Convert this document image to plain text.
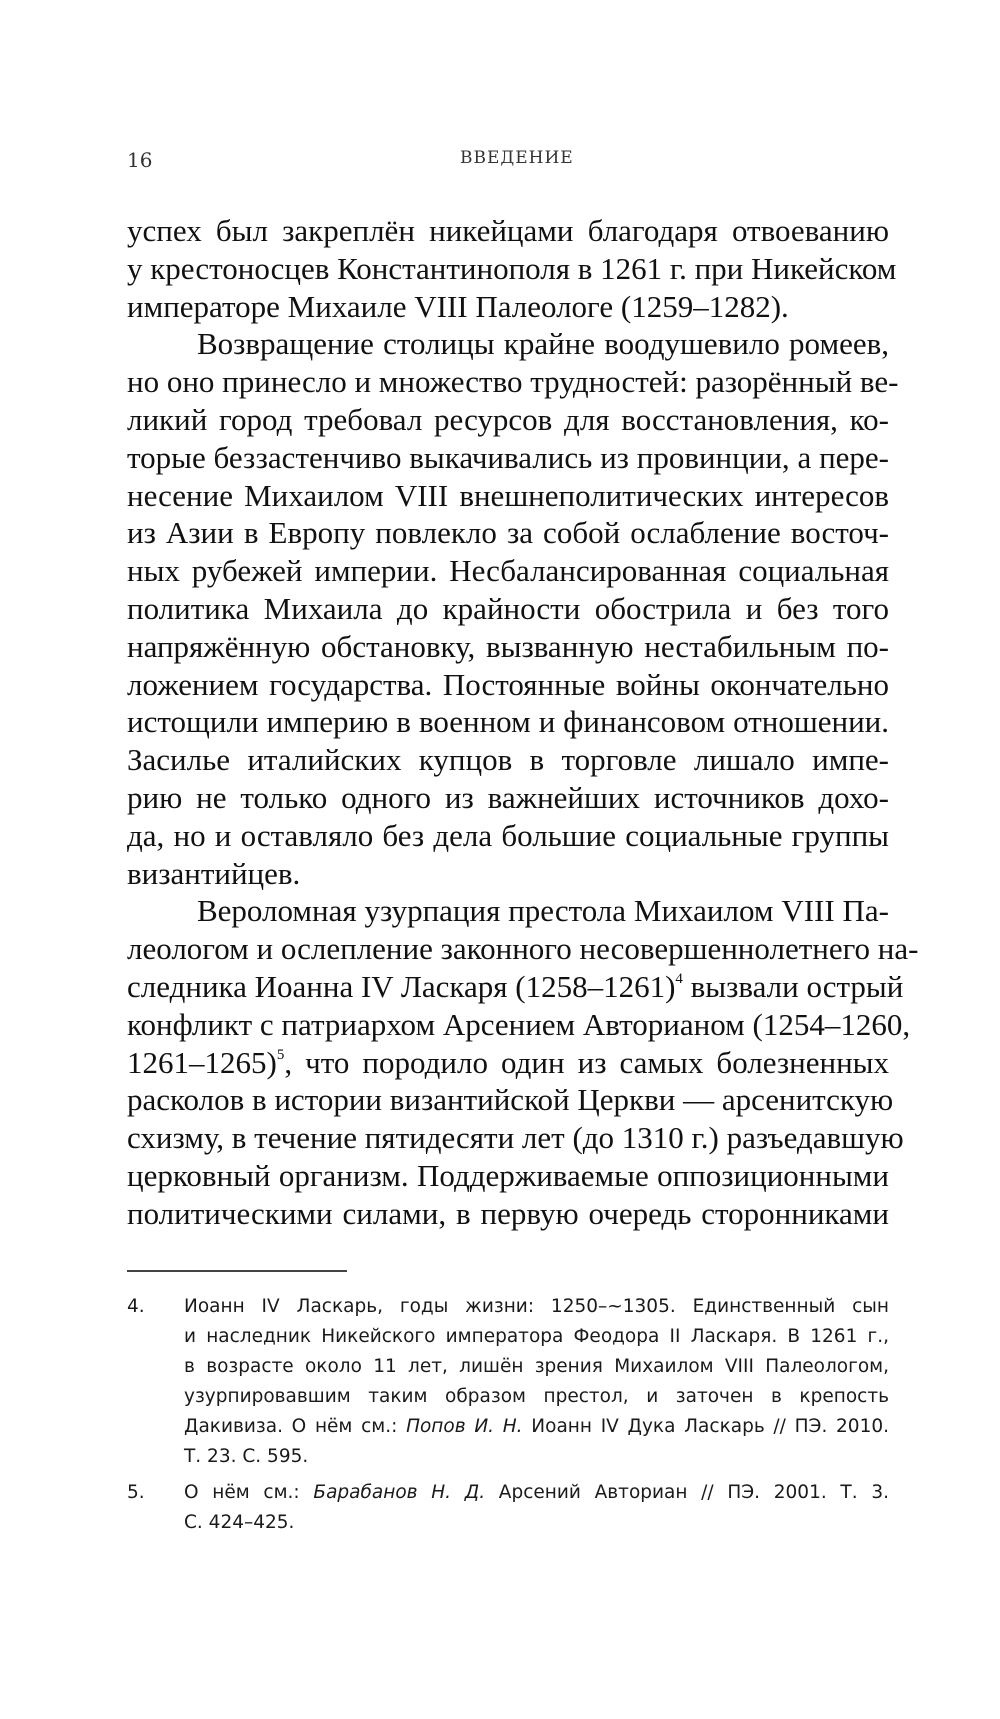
16	ВВЕДЕНИЕ
успех был закреплён никейцами благодаря отвоеванию
у крестоносцев Константинополя в 1261 г. при Никейском
императоре Михаиле VIII Палеологе (1259–1282).
Возвращение столицы крайне воодушевило ромеев,
но оно принесло и множество трудностей: разорённый ве-
ликий город требовал ресурсов для восстановления, ко-
торые беззастенчиво выкачивались из провинции, а пере-
несение Михаилом VIII внешнеполитических интересов
из Азии в Европу повлекло за собой ослабление восточ-
ных рубежей империи. Несбалансированная социальная
политика Михаила до крайности обострила и без того
напряжённую обстановку, вызванную нестабильным по-
ложением государства. Постоянные войны окончательно
истощили империю в военном и финансовом отношении.
Засилье италийских купцов в торговле лишало импе-
рию не только одного из важнейших источников дохо-
да, но и оставляло без дела большие социальные группы
византийцев.
Вероломная узурпация престола Михаилом VIII Па-
леологом и ослепление законного несовершеннолетнего на-
следника Иоанна IV Ласкаря (1258–1261)$^4$ вызвали острый
конфликт с патриархом Арсением Авторианом (1254–1260,
1261–1265)$^5$, что породило один из самых болезненных
расколов в истории византийской Церкви — арсенитскую
схизму, в течение пятидесяти лет (до 1310 г.) разъедавшую
церковный организм. Поддерживаемые оппозиционными
политическими силами, в первую очередь сторонниками
4. Иоанн IV Ласкарь, годы жизни: 1250–~1305. Единственный сын
и наследник Никейского императора Феодора II Ласкаря. В 1261 г.,
в возрасте около 11 лет, лишён зрения Михаилом VIII Палеологом,
узурпировавшим таким образом престол, и заточен в крепость
Дакивиза. О нём см.: Попов И. Н. Иоанн IV Дука Ласкарь // ПЭ. 2010.
Т. 23. С. 595.
5. О нём см.: Барабанов Н. Д. Арсений Авториан // ПЭ. 2001. Т. 3.
С. 424–425.
